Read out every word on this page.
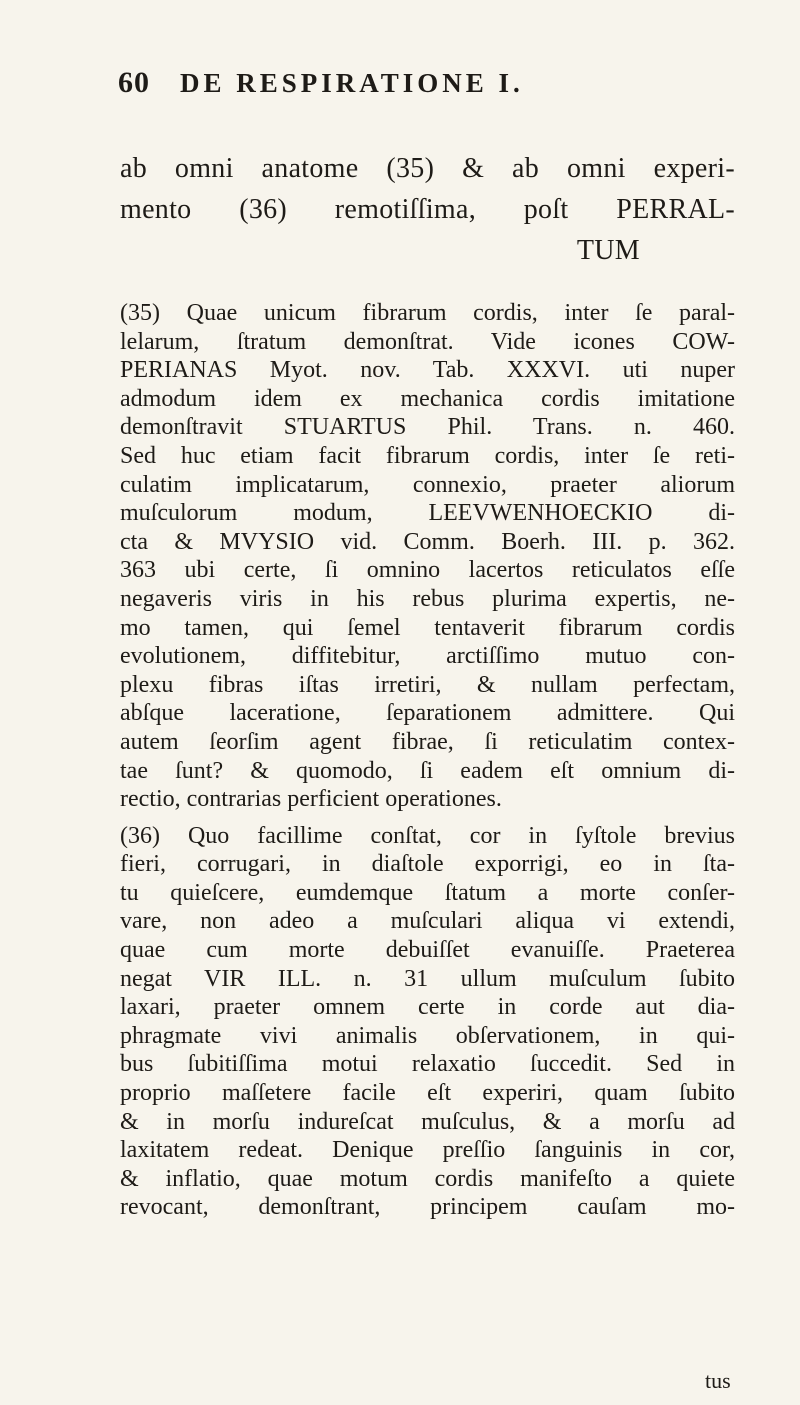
60 DE RESPIRATIONE I.
ab omni anatome (35) & ab omni experi-
mento (36) remotiſſima, poſt PERRAL-
TUM
(35) Quae unicum fibrarum cordis, inter ſe paral-
lelarum, ſtratum demonſtrat. Vide icones COW-
PERIANAS Myot. nov. Tab. XXXVI. uti nuper
admodum idem ex mechanica cordis imitatione
demonſtravit STUARTUS Phil. Trans. n. 460.
Sed huc etiam facit fibrarum cordis, inter ſe reti-
culatim implicatarum, connexio, praeter aliorum
muſculorum modum, LEEVWENHOECKIO di-
cta & MVYSIO vid. Comm. Boerh. III. p. 362.
363 ubi certe, ſi omnino lacertos reticulatos eſſe
negaveris viris in his rebus plurima expertis, ne-
mo tamen, qui ſemel tentaverit fibrarum cordis
evolutionem, diffitebitur, arctiſſimo mutuo con-
plexu fibras iſtas irretiri, & nullam perfectam,
abſque laceratione, ſeparationem admittere. Qui
autem ſeorſim agent fibrae, ſi reticulatim contex-
tae ſunt? & quomodo, ſi eadem eſt omnium di-
rectio, contrarias perficient operationes.
(36) Quo facillime conſtat, cor in ſyſtole brevius
fieri, corrugari, in diaſtole exporrigi, eo in ſta-
tu quieſcere, eumdemque ſtatum a morte conſer-
vare, non adeo a muſculari aliqua vi extendi,
quae cum morte debuiſſet evanuiſſe. Praeterea
negat VIR ILL. n. 31 ullum muſculum ſubito
laxari, praeter omnem certe in corde aut dia-
phragmate vivi animalis obſervationem, in qui-
bus ſubitiſſima motui relaxatio ſuccedit. Sed in
proprio maſſetere facile eſt experiri, quam ſubito
& in morſu indureſcat muſculus, & a morſu ad
laxitatem redeat. Denique preſſio ſanguinis in cor,
& inflatio, quae motum cordis manifeſto a quiete
revocant, demonſtrant, principem cauſam mo-
tus
